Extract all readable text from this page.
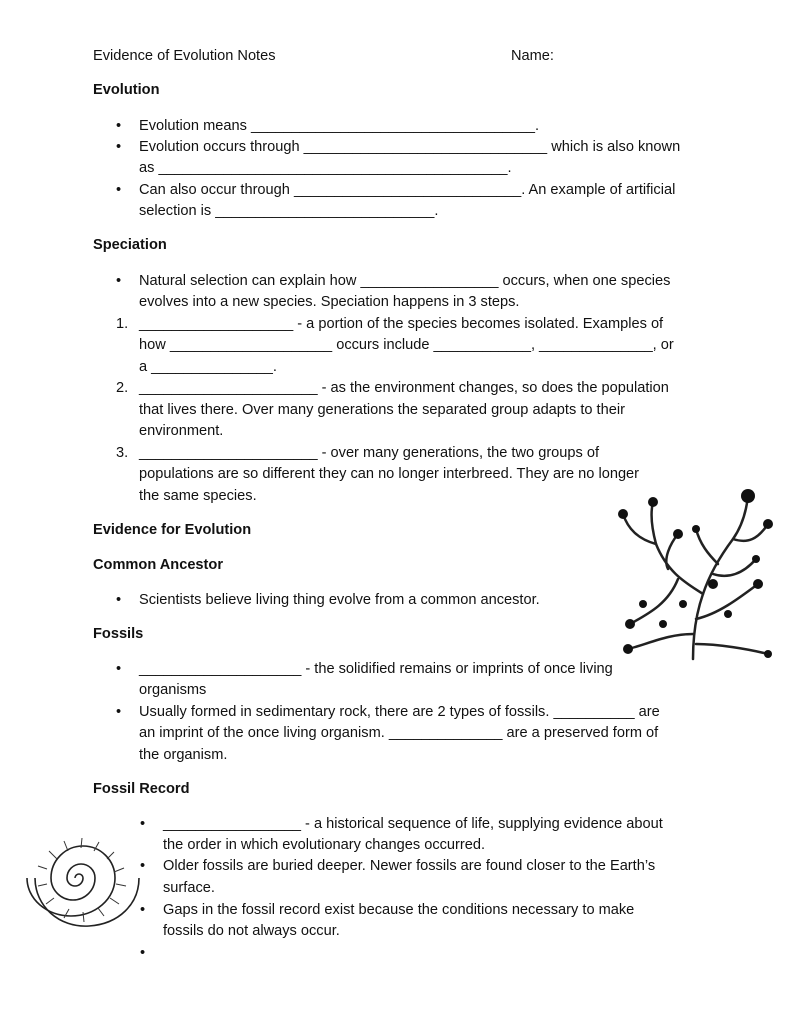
Evidence of Evolution Notes	Name:
Evolution
• Evolution means ___________________________________.
• Evolution occurs through ______________________________ which is also known
as ___________________________________________.
• Can also occur through ____________________________. An example of artificial
selection is ___________________________.
Speciation
• Natural selection can explain how _________________ occurs, when one species
evolves into a new species. Speciation happens in 3 steps.
1. ___________________ - a portion of the species becomes isolated. Examples of
how ____________________ occurs include ____________, ______________, or
a _______________.
2. ______________________ - as the environment changes, so does the population
that lives there. Over many generations the separated group adapts to their
environment.
3. ______________________ - over many generations, the two groups of
populations are so different they can no longer interbreed. They are no longer
the same species.
Evidence for Evolution
Common Ancestor
• Scientists believe living thing evolve from a common ancestor.
Fossils
• ____________________ - the solidified remains or imprints of once living
organisms
• Usually formed in sedimentary rock, there are 2 types of fossils. __________ are
an imprint of the once living organism. ______________ are a preserved form of
the organism.
Fossil Record
• _________________ - a historical sequence of life, supplying evidence about
the order in which evolutionary changes occurred.
• Older fossils are buried deeper. Newer fossils are found closer to the Earth’s
surface.
• Gaps in the fossil record exist because the conditions necessary to make
fossils do not always occur.
•
